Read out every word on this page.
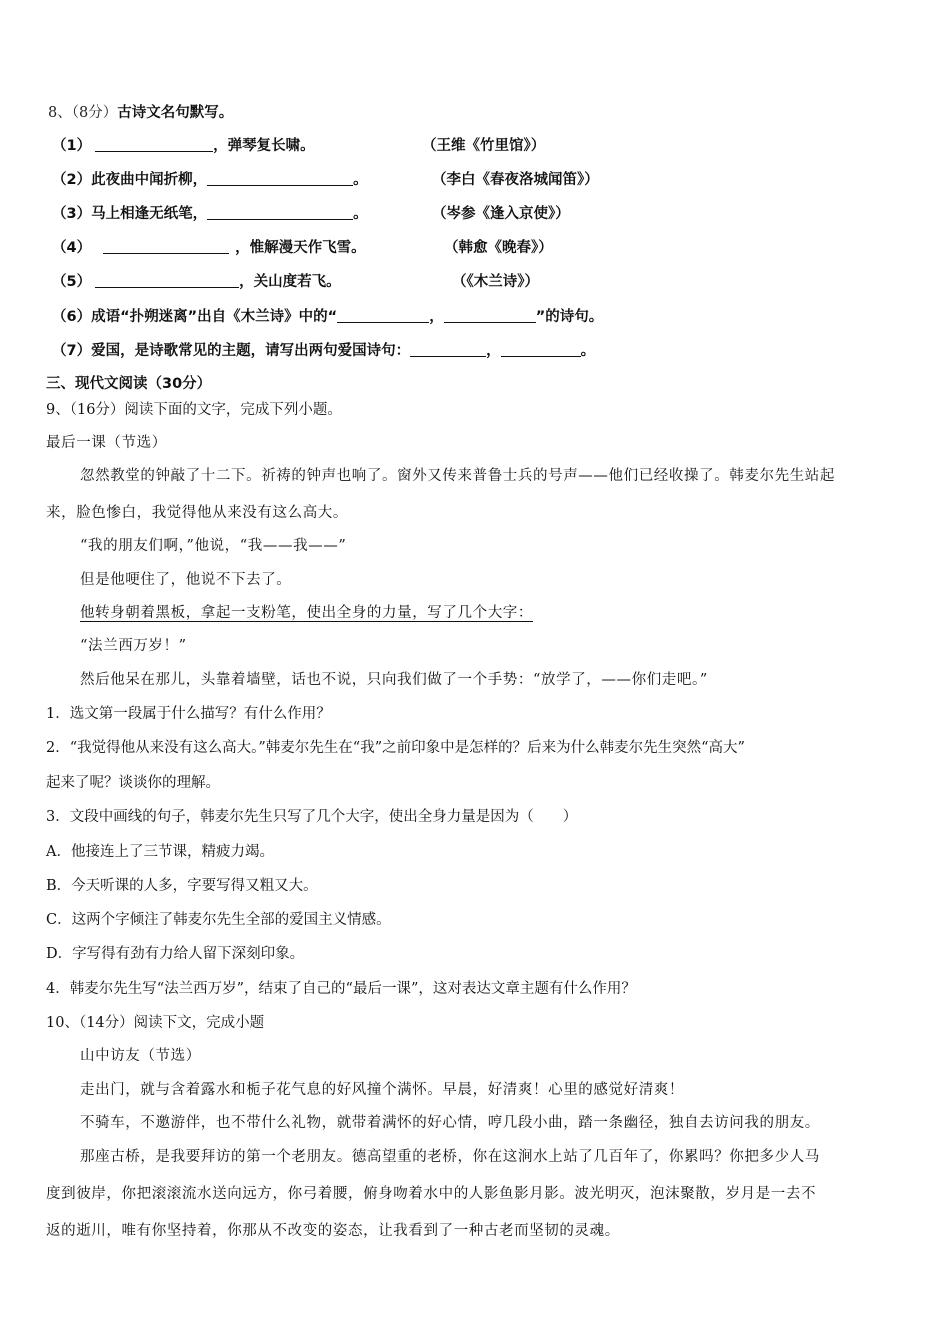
8、（8分）古诗文名句默写。
（1）	，弹琴复长啸。	（王维《竹里馆》）
（2）此夜曲中闻折柳，	。	（李白《春夜洛城闻笛》）
（3）马上相逢无纸笔，	。	（岑参《逢入京使》）
（4）	，惟解漫天作飞雪。	（韩愈《晚春》）
（5）	，关山度若飞。	（《木兰诗》）
（6）成语“扑朔迷离”出自《木兰诗》中的“	，	”的诗句。
（7）爱国，是诗歌常见的主题，请写出两句爱国诗句：	，	。
三、现代文阅读（30分）
9、（16分）阅读下面的文字，完成下列小题。
最后一课（节选）
忽然教堂的钟敲了十二下。祈祷的钟声也响了。窗外又传来普鲁士兵的号声——他们已经收操了。韩麦尔先生站起
来，脸色惨白，我觉得他从来没有这么高大。
“我的朋友们啊，”他说，“我——我——”
但是他哽住了，他说不下去了。
他转身朝着黑板，拿起一支粉笔，使出全身的力量，写了几个大字：
“法兰西万岁！”
然后他呆在那儿，头靠着墙壁，话也不说，只向我们做了一个手势：“放学了，——你们走吧。”
1．选文第一段属于什么描写？有什么作用？
2．“我觉得他从来没有这么高大。”韩麦尔先生在“我”之前印象中是怎样的？后来为什么韩麦尔先生突然“高大”
起来了呢？谈谈你的理解。
3．文段中画线的句子，韩麦尔先生只写了几个大字，使出全身力量是因为（　　）
A．他接连上了三节课，精疲力竭。
B．今天听课的人多，字要写得又粗又大。
C．这两个字倾注了韩麦尔先生全部的爱国主义情感。
D．字写得有劲有力给人留下深刻印象。
4．韩麦尔先生写“法兰西万岁”，结束了自己的“最后一课”，这对表达文章主题有什么作用？
10、（14分）阅读下文，完成小题
山中访友（节选）
走出门，就与含着露水和栀子花气息的好风撞个满怀。早晨，好清爽！心里的感觉好清爽！
不骑车，不邀游伴，也不带什么礼物，就带着满怀的好心情，哼几段小曲，踏一条幽径，独自去访问我的朋友。
那座古桥，是我要拜访的第一个老朋友。德高望重的老桥，你在这涧水上站了几百年了，你累吗？你把多少人马
度到彼岸，你把滚滚流水送向远方，你弓着腰，俯身吻着水中的人影鱼影月影。波光明灭，泡沫聚散，岁月是一去不
返的逝川，唯有你坚持着，你那从不改变的姿态，让我看到了一种古老而坚韧的灵魂。
